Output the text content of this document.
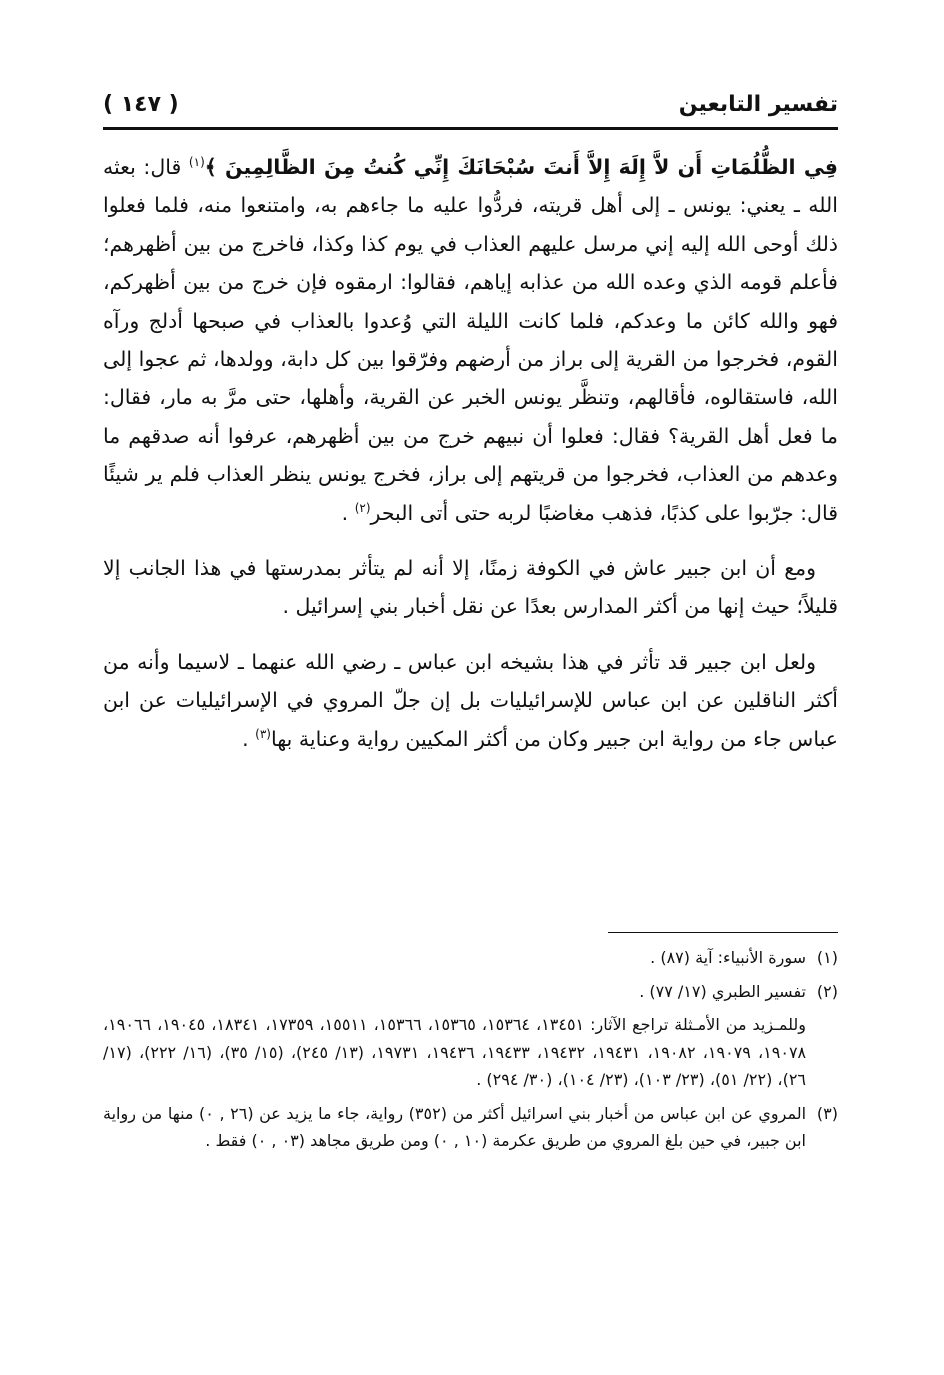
تفسير التابعين
( ١٤٧ )

فِي الظُّلُمَاتِ أَن لاَّ إِلَهَ إِلاَّ أَنتَ سُبْحَانَكَ إِنِّي كُنتُ مِنَ الظَّالِمِينَ ﴾$^{(١)}$ قال: بعثه الله ـ يعني: يونس ـ إلى أهل قريته، فردُّوا عليه ما جاءهم به، وامتنعوا منه، فلما فعلوا ذلك أوحى الله إليه إني مرسل عليهم العذاب في يوم كذا وكذا، فاخرج من بين أظهرهم؛ فأعلم قومه الذي وعده الله من عذابه إياهم، فقالوا: ارمقوه فإن خرج من بين أظهركم، فهو والله كائن ما وعدكم، فلما كانت الليلة التي وُعدوا بالعذاب في صبحها أدلج ورآه القوم، فخرجوا من القرية إلى براز من أرضهم وفرّقوا بين كل دابة، وولدها، ثم عجوا إلى الله، فاستقالوه، فأقالهم، وتنظَّر يونس الخبر عن القرية، وأهلها، حتى مرَّ به مار، فقال: ما فعل أهل القرية؟ فقال: فعلوا أن نبيهم خرج من بين أظهرهم، عرفوا أنه صدقهم ما وعدهم من العذاب، فخرجوا من قريتهم إلى براز، فخرج يونس ينظر العذاب فلم ير شيئًا قال: جرّبوا على كذبًا، فذهب مغاضبًا لربه حتى أتى البحر$^{(٢)}$ .

ومع أن ابن جبير عاش في الكوفة زمنًا، إلا أنه لم يتأثر بمدرستها في هذا الجانب إلا قليلاً؛ حيث إنها من أكثر المدارس بعدًا عن نقل أخبار بني إسرائيل .

ولعل ابن جبير قد تأثر في هذا بشيخه ابن عباس ـ رضي الله عنهما ـ لاسيما وأنه من أكثر الناقلين عن ابن عباس للإسرائيليات بل إن جلّ المروي في الإسرائيليات عن ابن عباس جاء من رواية ابن جبير وكان من أكثر المكيين رواية وعناية بها$^{(٣)}$ .

(١)
سورة الأنبياء: آية (٨٧) .
(٢)
تفسير الطبري (١٧/ ٧٧) .
وللمـزيد من الأمـثلة تراجع الآثار: ١٣٤٥١، ١٥٣٦٤، ١٥٣٦٥، ١٥٣٦٦، ١٥٥١١، ١٧٣٥٩، ١٨٣٤١، ١٩٠٤٥، ١٩٠٦٦، ١٩٠٧٨، ١٩٠٧٩، ١٩٠٨٢، ١٩٤٣١، ١٩٤٣٢، ١٩٤٣٣، ١٩٤٣٦، ١٩٧٣١، (١٣/ ٢٤٥)، (١٥/ ٣٥)، (١٦/ ٢٢٢)، (١٧/ ٢٦)، (٢٢/ ٥١)، (٢٣/ ١٠٣)، (٢٣/ ١٠٤)، (٣٠/ ٢٩٤) .
(٣)
المروي عن ابن عباس من أخبار بني اسرائيل أكثر من (٣٥٢) رواية، جاء ما يزيد عن (٢٦ , ٠) منها من رواية ابن جبير، في حين بلغ المروي من طريق عكرمة (١٠ , ٠) ومن طريق مجاهد (٠٣ , ٠) فقط .
